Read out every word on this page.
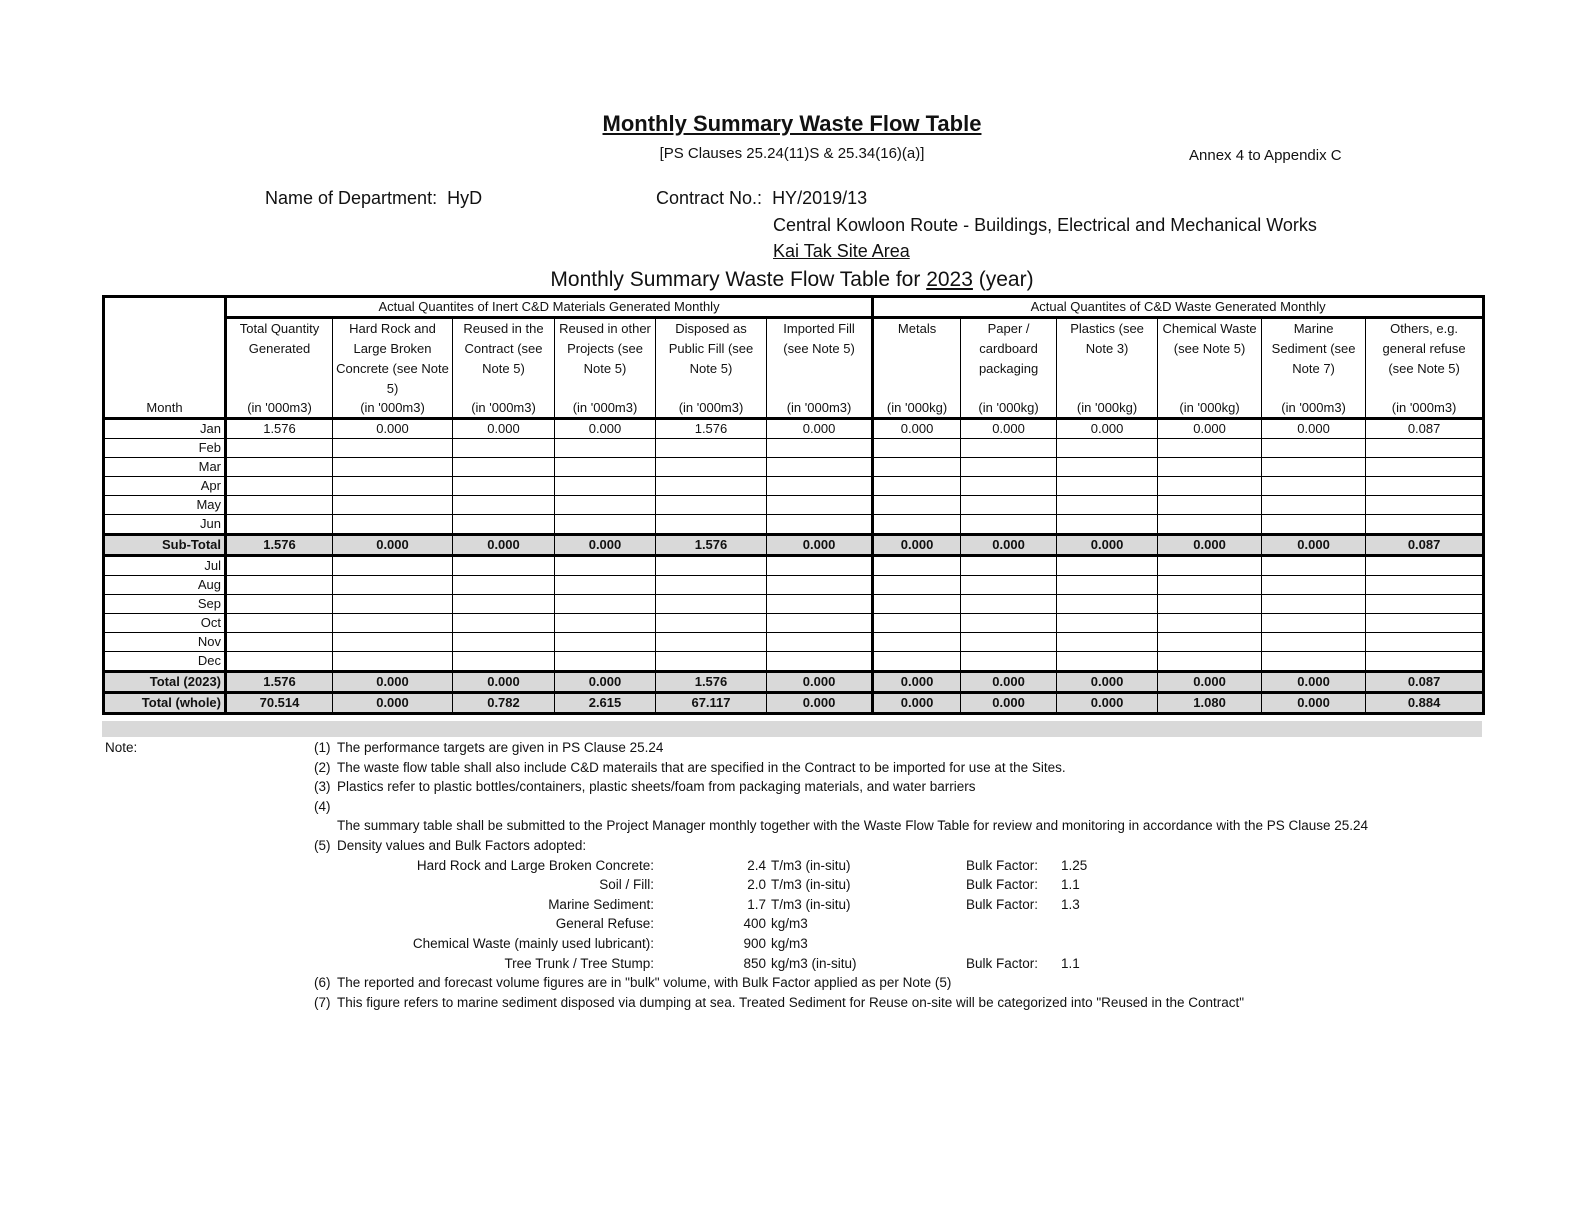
Monthly Summary Waste Flow Table
[PS Clauses 25.24(11)S & 25.34(16)(a)]	Annex 4 to Appendix C
Name of Department: HyD	Contract No.: HY/2019/13
Central Kowloon Route - Buildings, Electrical and Mechanical Works
Kai Tak Site Area
Monthly Summary Waste Flow Table for 2023 (year)
Month	Actual Quantites of Inert C&D Materials Generated Monthly						Actual Quantites of C&D Waste Generated Monthly					
	Total Quantity Generated	Hard Rock and Large Broken Concrete (see Note 5)	Reused in the Contract (see Note 5)	Reused in other Projects (see Note 5)	Disposed as Public Fill (see Note 5)	Imported Fill (see Note 5)	Metals	Paper / cardboard packaging	Plastics (see Note 3)	Chemical Waste (see Note 5)	Marine Sediment (see Note 7)	Others, e.g. general refuse (see Note 5)
	(in '000m3)	(in '000m3)	(in '000m3)	(in '000m3)	(in '000m3)	(in '000m3)	(in '000kg)	(in '000kg)	(in '000kg)	(in '000kg)	(in '000m3)	(in '000m3)
Jan	1.576	0.000	0.000	0.000	1.576	0.000	0.000	0.000	0.000	0.000	0.000	0.087
Feb												
Mar												
Apr												
May												
Jun												
Sub-Total	1.576	0.000	0.000	0.000	1.576	0.000	0.000	0.000	0.000	0.000	0.000	0.087
Jul												
Aug												
Sep												
Oct												
Nov												
Dec												
Total (2023)	1.576	0.000	0.000	0.000	1.576	0.000	0.000	0.000	0.000	0.000	0.000	0.087
Total (whole)	70.514	0.000	0.782	2.615	67.117	0.000	0.000	0.000	0.000	1.080	0.000	0.884
Note:	(1) The performance targets are given in PS Clause 25.24
(2) The waste flow table shall also include C&D materails that are specified in the Contract to be imported for use at the Sites.
(3) Plastics refer to plastic bottles/containers, plastic sheets/foam from packaging materials, and water barriers
(4)
The summary table shall be submitted to the Project Manager monthly together with the Waste Flow Table for review and monitoring in accordance with the PS Clause 25.24
(5) Density values and Bulk Factors adopted:
Hard Rock and Large Broken Concrete:	2.4 T/m3 (in-situ)	Bulk Factor: 1.25
Soil / Fill:	2.0 T/m3 (in-situ)	Bulk Factor: 1.1
Marine Sediment:	1.7 T/m3 (in-situ)	Bulk Factor: 1.3
General Refuse:	400 kg/m3
Chemical Waste (mainly used lubricant):	900 kg/m3
Tree Trunk / Tree Stump:	850 kg/m3 (in-situ)	Bulk Factor: 1.1
(6) The reported and forecast volume figures are in "bulk" volume, with Bulk Factor applied as per Note (5)
(7) This figure refers to marine sediment disposed via dumping at sea. Treated Sediment for Reuse on-site will be categorized into "Reused in the Contract"
